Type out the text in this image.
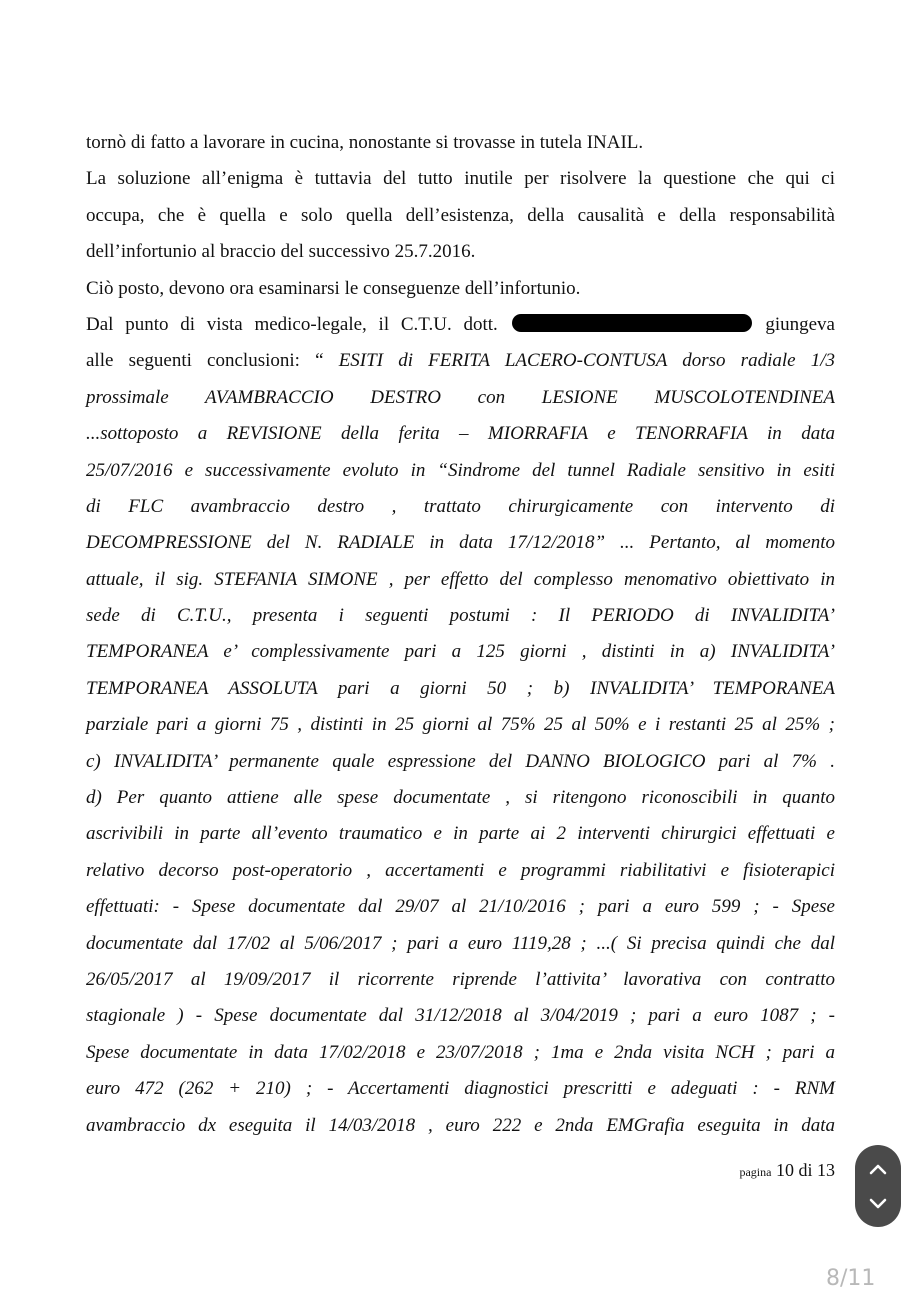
tornò di fatto a lavorare in cucina, nonostante si trovasse in tutela INAIL.
La soluzione all’enigma è tuttavia del tutto inutile per risolvere la questione che qui ci
occupa, che è quella e solo quella dell’esistenza, della causalità e della responsabilità
dell’infortunio al braccio del successivo 25.7.2016.
Ciò posto, devono ora esaminarsi le conseguenze dell’infortunio.
Dal punto di vista medico-legale, il C.T.U. dott.	giungeva
alle seguenti conclusioni: “ ESITI di FERITA LACERO-CONTUSA dorso radiale 1/3
prossimale AVAMBRACCIO DESTRO con LESIONE MUSCOLOTENDINEA
...sottoposto a REVISIONE della ferita – MIORRAFIA e TENORRAFIA in data
25/07/2016 e successivamente evoluto in “Sindrome del tunnel Radiale sensitivo in esiti
di FLC avambraccio destro , trattato chirurgicamente con intervento di
DECOMPRESSIONE del N. RADIALE in data 17/12/2018” ... Pertanto, al momento
attuale, il sig. STEFANIA SIMONE , per effetto del complesso menomativo obiettivato in
sede di C.T.U., presenta i seguenti postumi : Il PERIODO di INVALIDITA’
TEMPORANEA e’ complessivamente pari a 125 giorni , distinti in a) INVALIDITA’
TEMPORANEA ASSOLUTA pari a giorni 50 ; b) INVALIDITA’ TEMPORANEA
parziale pari a giorni 75 , distinti in 25 giorni al 75% 25 al 50% e i restanti 25 al 25% ;
c) INVALIDITA’ permanente quale espressione del DANNO BIOLOGICO pari al 7% .
d) Per quanto attiene alle spese documentate , si ritengono riconoscibili in quanto
ascrivibili in parte all’evento traumatico e in parte ai 2 interventi chirurgici effettuati e
relativo decorso post-operatorio , accertamenti e programmi riabilitativi e fisioterapici
effettuati: - Spese documentate dal 29/07 al 21/10/2016 ; pari a euro 599 ; - Spese
documentate dal 17/02 al 5/06/2017 ; pari a euro 1119,28 ; ...( Si precisa quindi che dal
26/05/2017 al 19/09/2017 il ricorrente riprende l’attivita’ lavorativa con contratto
stagionale ) - Spese documentate dal 31/12/2018 al 3/04/2019 ; pari a euro 1087 ; -
Spese documentate in data 17/02/2018 e 23/07/2018 ; 1ma e 2nda visita NCH ; pari a
euro 472 (262 + 210) ; - Accertamenti diagnostici prescritti e adeguati : - RNM
avambraccio dx eseguita il 14/03/2018 , euro 222 e 2nda EMGrafia eseguita in data
pagina 10 di 13
8/11
